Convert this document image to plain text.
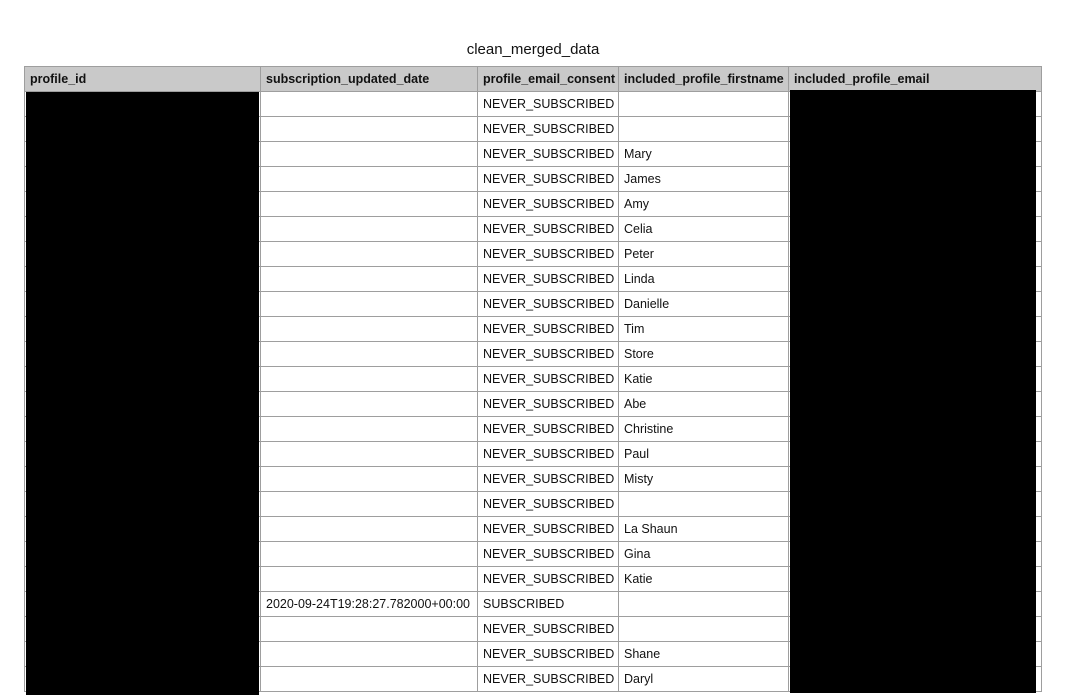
clean_merged_data
profile_id	subscription_updated_date	profile_email_consent	included_profile_firstname	included_profile_email
		NEVER_SUBSCRIBED		
		NEVER_SUBSCRIBED		
		NEVER_SUBSCRIBED	Mary	
		NEVER_SUBSCRIBED	James	
		NEVER_SUBSCRIBED	Amy	
		NEVER_SUBSCRIBED	Celia	
		NEVER_SUBSCRIBED	Peter	
		NEVER_SUBSCRIBED	Linda	
		NEVER_SUBSCRIBED	Danielle	
		NEVER_SUBSCRIBED	Tim	
		NEVER_SUBSCRIBED	Store	
		NEVER_SUBSCRIBED	Katie	
		NEVER_SUBSCRIBED	Abe	
		NEVER_SUBSCRIBED	Christine	
		NEVER_SUBSCRIBED	Paul	
		NEVER_SUBSCRIBED	Misty	
		NEVER_SUBSCRIBED		
		NEVER_SUBSCRIBED	La Shaun	
		NEVER_SUBSCRIBED	Gina	
		NEVER_SUBSCRIBED	Katie	
	2020-09-24T19:28:27.782000+00:00	SUBSCRIBED		
		NEVER_SUBSCRIBED		
		NEVER_SUBSCRIBED	Shane	
		NEVER_SUBSCRIBED	Daryl	
